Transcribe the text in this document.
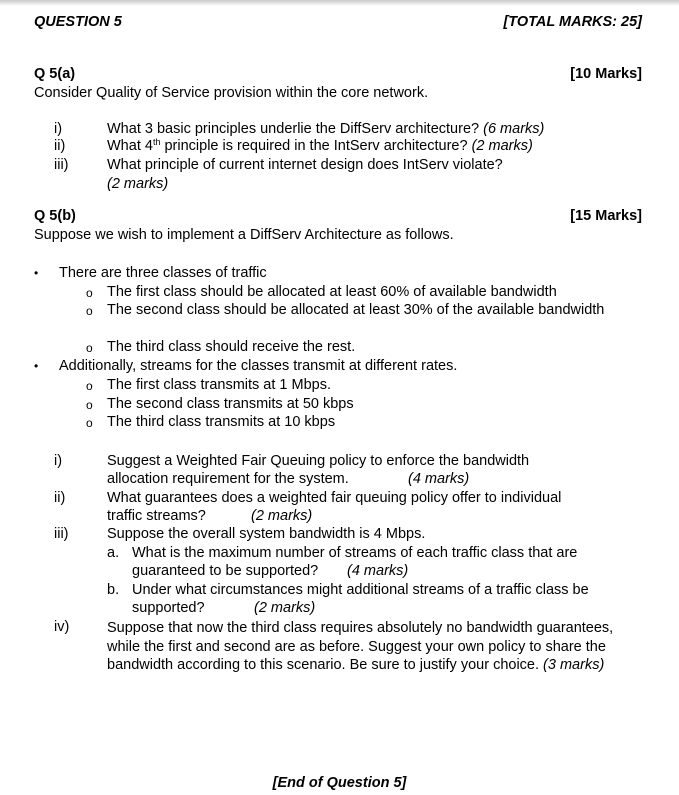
QUESTION 5	[TOTAL MARKS: 25]
Q 5(a)	[10 Marks]
Consider Quality of Service provision within the core network.
i)	What 3 basic principles underlie the DiffServ architecture? (6 marks)
ii)	What 4th principle is required in the IntServ architecture? (2 marks)
iii)	What principle of current internet design does IntServ violate?
(2 marks)
Q 5(b)	[15 Marks]
Suppose we wish to implement a DiffServ Architecture as follows.
• There are three classes of traffic
o The first class should be allocated at least 60% of available bandwidth
o The second class should be allocated at least 30% of the available bandwidth
o The third class should receive the rest.
• Additionally, streams for the classes transmit at different rates.
o The first class transmits at 1 Mbps.
o The second class transmits at 50 kbps
o The third class transmits at 10 kbps
i)	Suggest a Weighted Fair Queuing policy to enforce the bandwidth
allocation requirement for the system.	(4 marks)
ii)	What guarantees does a weighted fair queuing policy offer to individual
traffic streams?	(2 marks)
iii)	Suppose the overall system bandwidth is 4 Mbps.
a. What is the maximum number of streams of each traffic class that are
guaranteed to be supported? (4 marks)
b. Under what circumstances might additional streams of a traffic class be
supported?	(2 marks)
iv)	Suppose that now the third class requires absolutely no bandwidth guarantees, while the first and second are as before. Suggest your own policy to share the bandwidth according to this scenario. Be sure to justify your choice. (3 marks)
[End of Question 5]
